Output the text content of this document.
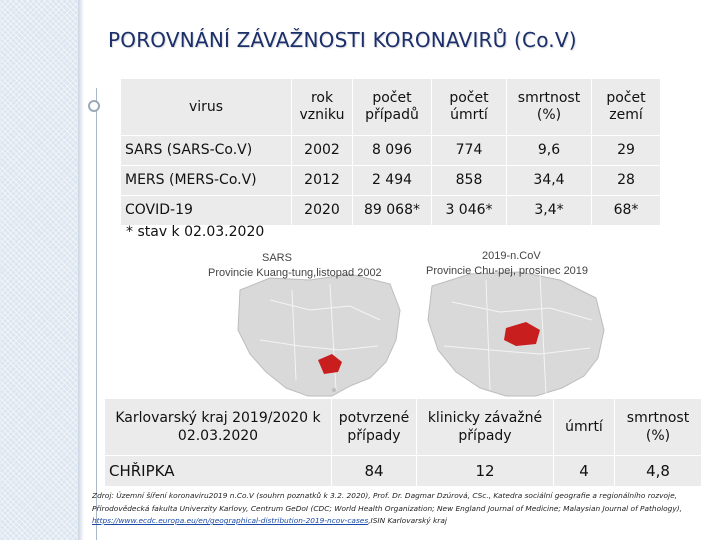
POROVNÁNÍ ZÁVAŽNOSTI KORONAVIRŮ (Co.V)
virus	rok vzniku	počet případů	počet úmrtí	smrtnost (%)	počet zemí
SARS (SARS-Co.V)	2002	8 096	774	9,6	29
MERS (MERS-Co.V)	2012	2 494	858	34,4	28
COVID-19	2020	89 068*	3 046*	3,4*	68*
* stav k 02.03.2020
SARS
Provincie Kuang-tung,listopad 2002
2019-n.CoV
Provincie Chu-pej, prosinec 2019
Karlovarský kraj 2019/2020 k 02.03.2020	potvrzené případy	klinicky závažné případy	úmrtí	smrtnost (%)
CHŘIPKA	84	12	4	4,8
Zdroj: Územní šíření koronaviru2019 n.Co.V (souhrn poznatků k 3.2. 2020), Prof. Dr. Dagmar Dzúrová, CSc., Katedra sociální geografie a regionálního rozvoje, Přírodovědecká fakulta Univerzity Karlovy, Centrum GeDoI (CDC; World Health Organization; New England Journal of Medicine; Malaysian Journal of Pathology), https://www.ecdc.europa.eu/en/geographical-distribution-2019-ncov-cases,ISIN Karlovarský kraj
